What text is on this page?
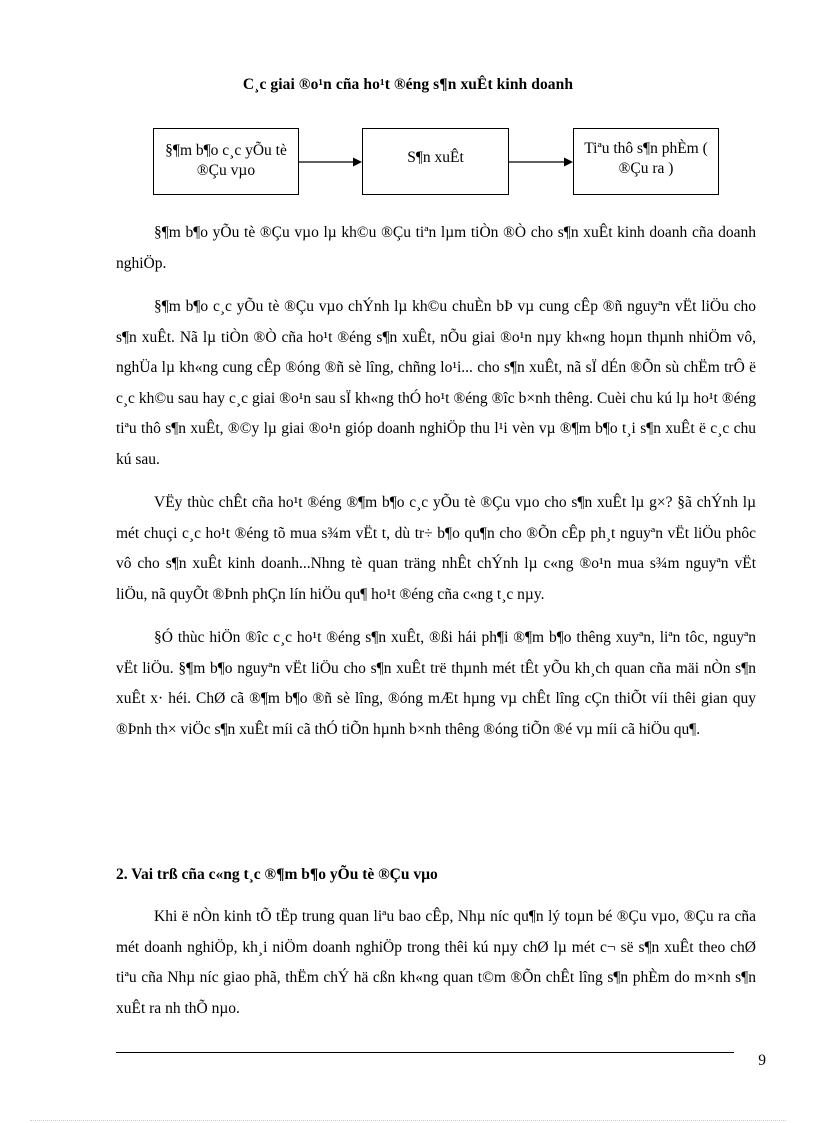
C¸c giai ®o¹n cña ho¹t ®éng s¶n xuÊt kinh doanh
§¶m b¶o c¸c yÕu tè ®Çu vµo
S¶n xuÊt
Tiªu thô s¶n phÈm ( ®Çu ra )

§¶m b¶o yÕu tè ®Çu vµo lµ kh©u ®Çu tiªn lµm tiÒn ®Ò cho s¶n xuÊt kinh doanh cña doanh nghiÖp.

§¶m b¶o c¸c yÕu tè ®Çu vµo chÝnh lµ kh©u chuÈn bÞ vµ cung cÊp ®ñ nguyªn vËt liÖu cho s¶n xuÊt. Nã lµ tiÒn ®Ò cña ho¹t ®éng s¶n xuÊt, nÕu giai ®o¹n nµy kh«ng hoµn thµnh nhiÖm vô, nghÜa lµ kh«ng cung cÊp ®óng ®ñ sè lîng, chñng lo¹i... cho s¶n xuÊt, nã sÏ dÉn ®Õn sù chËm trÔ ë c¸c kh©u sau hay c¸c giai ®o¹n sau sÏ kh«ng thÓ ho¹t ®éng ®îc b×nh thêng. Cuèi chu kú lµ ho¹t ®éng tiªu thô s¶n xuÊt, ®©y lµ giai ®o¹n gióp doanh nghiÖp thu l¹i vèn vµ ®¶m b¶o t¸i s¶n xuÊt ë c¸c chu kú sau.

VËy thùc chÊt cña ho¹t ®éng ®¶m b¶o c¸c yÕu tè ®Çu vµo cho s¶n xuÊt lµ g×? §ã chÝnh lµ mét chuçi c¸c ho¹t ®éng tõ mua s¾m vËt t, dù tr÷ b¶o qu¶n cho ®Õn cÊp ph¸t nguyªn vËt liÖu phôc vô cho s¶n xuÊt kinh doanh...Nhng tè quan träng nhÊt chÝnh lµ c«ng ®o¹n mua s¾m nguyªn vËt liÖu, nã quyÕt ®Þnh phÇn lín hiÖu qu¶ ho¹t ®éng cña c«ng t¸c nµy.

§Ó thùc hiÖn ®îc c¸c ho¹t ®éng s¶n xuÊt, ®ßi hái ph¶i ®¶m b¶o thêng xuyªn, liªn tôc, nguyªn vËt liÖu. §¶m b¶o nguyªn vËt liÖu cho s¶n xuÊt trë thµnh mét tÊt yÕu kh¸ch quan cña mäi nÒn s¶n xuÊt x· héi. ChØ cã ®¶m b¶o ®ñ sè lîng, ®óng mÆt hµng vµ chÊt lîng cÇn thiÕt víi thêi gian quy ®Þnh th× viÖc s¶n xuÊt míi cã thÓ tiÕn hµnh b×nh thêng ®óng tiÕn ®é vµ míi cã hiÖu qu¶.

2. Vai trß cña c«ng t¸c ®¶m b¶o yÕu tè ®Çu vµo

Khi ë nÒn kinh tÕ tËp trung quan liªu bao cÊp, Nhµ níc qu¶n lý toµn bé ®Çu vµo, ®Çu ra cña mét doanh nghiÖp, kh¸i niÖm doanh nghiÖp trong thêi kú nµy chØ lµ mét c¬ së s¶n xuÊt theo chØ tiªu cña Nhµ níc giao phã, thËm chÝ hä cßn kh«ng quan t©m ®Õn chÊt lîng s¶n phÈm do m×nh s¶n xuÊt ra nh thÕ nµo.

9
